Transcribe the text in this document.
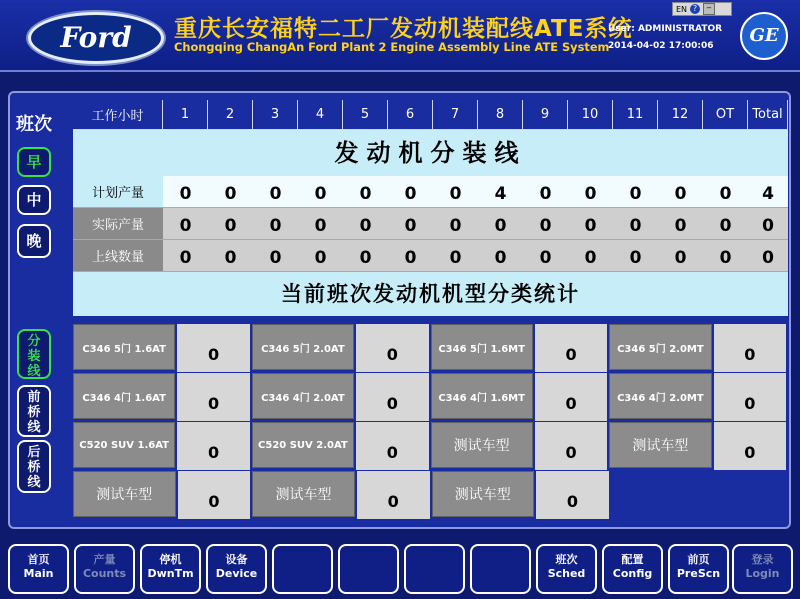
Ford	重庆长安福特二工厂发动机装配线ATE系统
Chongqing ChangAn Ford Plant 2 Engine Assembly Line ATE System
User: ADMINISTRATOR
2014-04-02 17:00:06
EN ?	−
GE
班次
早
中
晚
分
装
线
前
桥
线
后
桥
线
工作小时	1	2	3	4	5	6	7	8	9	10	11	12	OT	Total
发动机分装线
计划产量	0	0	0	0	0	0	0	4	0	0	0	0	0	4
实际产量	0	0	0	0	0	0	0	0	0	0	0	0	0	0
上线数量	0	0	0	0	0	0	0	0	0	0	0	0	0	0
当前班次发动机机型分类统计
C346 5门 1.6AT	0	C346 5门 2.0AT	0	C346 5门 1.6MT	0	C346 5门 2.0MT	0
C346 4门 1.6AT	0	C346 4门 2.0AT	0	C346 4门 1.6MT	0	C346 4门 2.0MT	0
C520 SUV 1.6AT	0	C520 SUV 2.0AT	0	测试车型	0	测试车型	0
测试车型	0	测试车型	0	测试车型	0
首页
Main
产量
Counts
停机
DwnTm
设备
Device
班次
Sched
配置
Config
前页
PreScn
登录
Login
